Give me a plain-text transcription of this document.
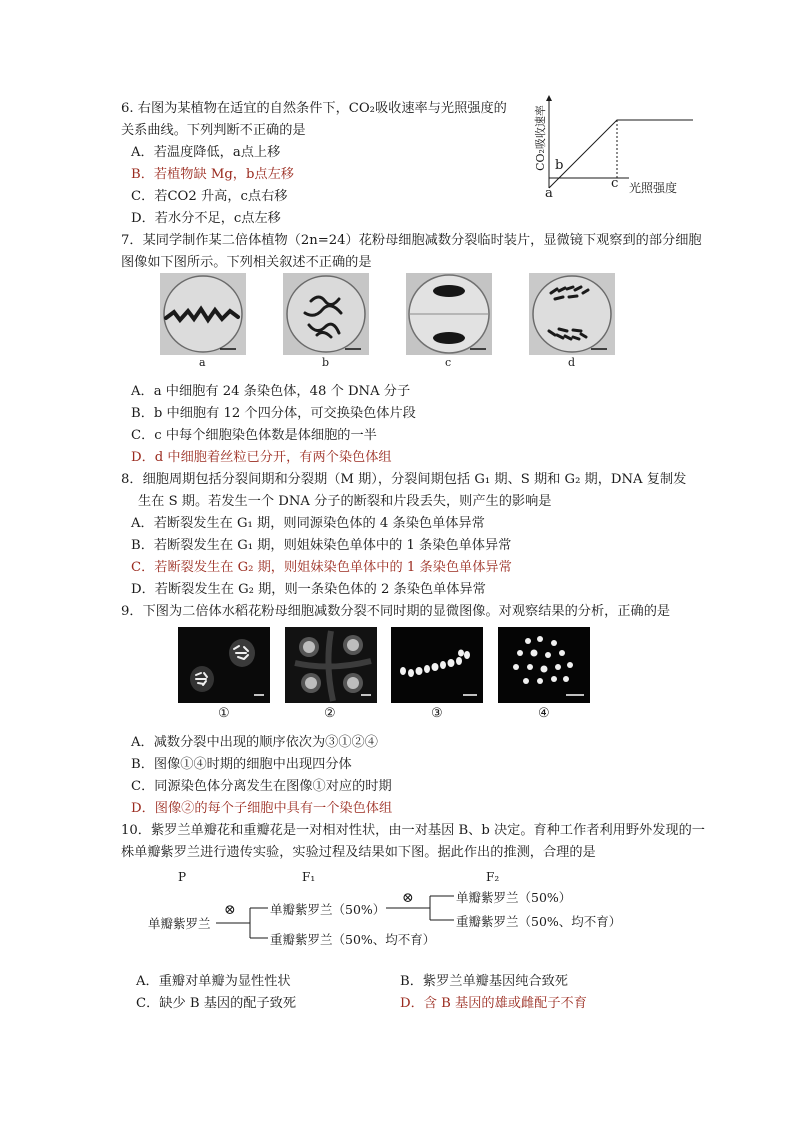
6. 右图为某植物在适宜的自然条件下，CO₂吸收速率与光照强度的
关系曲线。下列判断不正确的是
A．若温度降低，a点上移
B．若植物缺 Mg，b点左移
C．若CO2 升高，c点右移
D．若水分不足，c点左移
CO₂吸收速率 b
a
c 光照强度
7．某同学制作某二倍体植物（2n=24）花粉母细胞减数分裂临时装片，显微镜下观察到的部分细胞
图像如下图所示。下列相关叙述不正确的是
a	b	c	d
A．a 中细胞有 24 条染色体，48 个 DNA 分子
B．b 中细胞有 12 个四分体，可交换染色体片段
C．c 中每个细胞染色体数是体细胞的一半
D．d 中细胞着丝粒已分开，有两个染色体组
8．细胞周期包括分裂间期和分裂期（M 期），分裂间期包括 G₁ 期、S 期和 G₂ 期，DNA 复制发
生在 S 期。若发生一个 DNA 分子的断裂和片段丢失，则产生的影响是
A．若断裂发生在 G₁ 期，则同源染色体的 4 条染色单体异常
B．若断裂发生在 G₁ 期，则姐妹染色单体中的 1 条染色单体异常
C．若断裂发生在 G₂ 期，则姐妹染色单体中的 1 条染色单体异常
D．若断裂发生在 G₂ 期，则一条染色体的 2 条染色单体异常
9．下图为二倍体水稻花粉母细胞减数分裂不同时期的显微图像。对观察结果的分析，正确的是
①	②	③	④
A．减数分裂中出现的顺序依次为③①②④
B．图像①④时期的细胞中出现四分体
C．同源染色体分离发生在图像①对应的时期
D．图像②的每个子细胞中具有一个染色体组
10．紫罗兰单瓣花和重瓣花是一对相对性状，由一对基因 B、b 决定。育种工作者利用野外发现的一
株单瓣紫罗兰进行遗传实验，实验过程及结果如下图。据此作出的推测，合理的是
P	F₁	F₂
单瓣紫罗兰
⊗
⊗
单瓣紫罗兰（50%）
重瓣紫罗兰（50%、均不育）
单瓣紫罗兰（50%）
重瓣紫罗兰（50%、均不育）
A．重瓣对单瓣为显性性状	B．紫罗兰单瓣基因纯合致死
C．缺少 B 基因的配子致死	D．含 B 基因的雄或雌配子不育
